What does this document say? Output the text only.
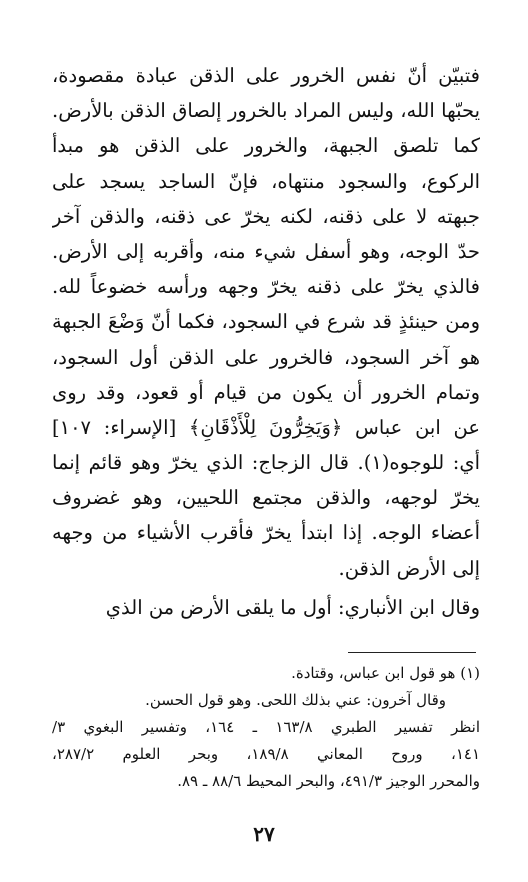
فتبيّن أنّ نفس الخرور على الذقن عبادة مقصودة،
يحبّها الله، وليس المراد بالخرور إلصاق الذقن بالأرض.
كما تلصق الجبهة، والخرور على الذقن هو مبدأ
الركوع، والسجود منتهاه، فإنّ الساجد يسجد على
جبهته لا على ذقنه، لكنه يخرّ عى ذقنه، والذقن آخر
حدّ الوجه، وهو أسفل شيء منه، وأقربه إلى الأرض.
فالذي يخرّ على ذقنه يخرّ وجهه ورأسه خضوعاً لله.
ومن حينئذٍ قد شرع في السجود، فكما أنّ وَضْعَ الجبهة
هو آخر السجود، فالخرور على الذقن أول السجود،
وتمام الخرور أن يكون من قيام أو قعود، وقد روى
عن ابن عباس ﴿وَيَخِرُّونَ لِلْأَذْقَانِ﴾ [الإسراء: ١٠٧]
أي: للوجوه(١). قال الزجاج: الذي يخرّ وهو قائم إنما
يخرّ لوجهه، والذقن مجتمع اللحيين، وهو غضروف
أعضاء الوجه. إذا ابتدأ يخرّ فأقرب الأشياء من وجهه
إلى الأرض الذقن.
وقال ابن الأنباري: أول ما يلقى الأرض من الذي
(١) هو قول ابن عباس، وقتادة.
وقال آخرون: عني بذلك اللحى. وهو قول الحسن.
انظر تفسير الطبري ١٦٣/٨ ـ ١٦٤، وتفسير البغوي ٣/
١٤١، وروح المعاني ١٨٩/٨، وبحر العلوم ٢٨٧/٢،
والمحرر الوجيز ٤٩١/٣، والبحر المحيط ٨٨/٦ ـ ٨٩.
٢٧
